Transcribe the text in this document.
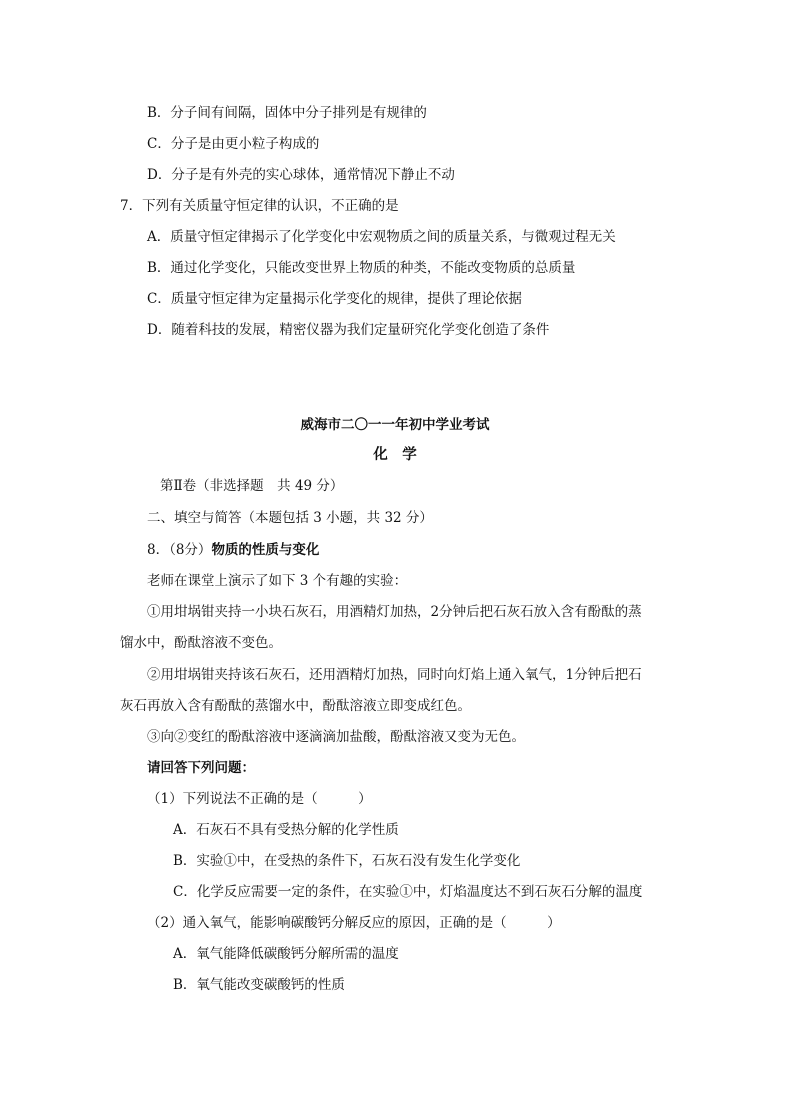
B．分子间有间隔，固体中分子排列是有规律的
C．分子是由更小粒子构成的
D．分子是有外壳的实心球体，通常情况下静止不动
7．下列有关质量守恒定律的认识，不正确的是
A．质量守恒定律揭示了化学变化中宏观物质之间的质量关系，与微观过程无关
B．通过化学变化，只能改变世界上物质的种类，不能改变物质的总质量
C．质量守恒定律为定量揭示化学变化的规律，提供了理论依据
D．随着科技的发展，精密仪器为我们定量研究化学变化创造了条件
威海市二〇一一年初中学业考试
化　学
第Ⅱ卷（非选择题　共 49 分）
二、填空与简答（本题包括 3 小题，共 32 分）
8．（8分）物质的性质与变化
老师在课堂上演示了如下 3 个有趣的实验：
①用坩埚钳夹持一小块石灰石，用酒精灯加热，2分钟后把石灰石放入含有酚酞的蒸
馏水中，酚酞溶液不变色。
②用坩埚钳夹持该石灰石，还用酒精灯加热，同时向灯焰上通入氧气，1分钟后把石
灰石再放入含有酚酞的蒸馏水中，酚酞溶液立即变成红色。
③向②变红的酚酞溶液中逐滴滴加盐酸，酚酞溶液又变为无色。
请回答下列问题：
（1）下列说法不正确的是（　　　）
A．石灰石不具有受热分解的化学性质
B．实验①中，在受热的条件下，石灰石没有发生化学变化
C．化学反应需要一定的条件，在实验①中，灯焰温度达不到石灰石分解的温度
（2）通入氧气，能影响碳酸钙分解反应的原因，正确的是（　　　）
A．氧气能降低碳酸钙分解所需的温度
B．氧气能改变碳酸钙的性质
